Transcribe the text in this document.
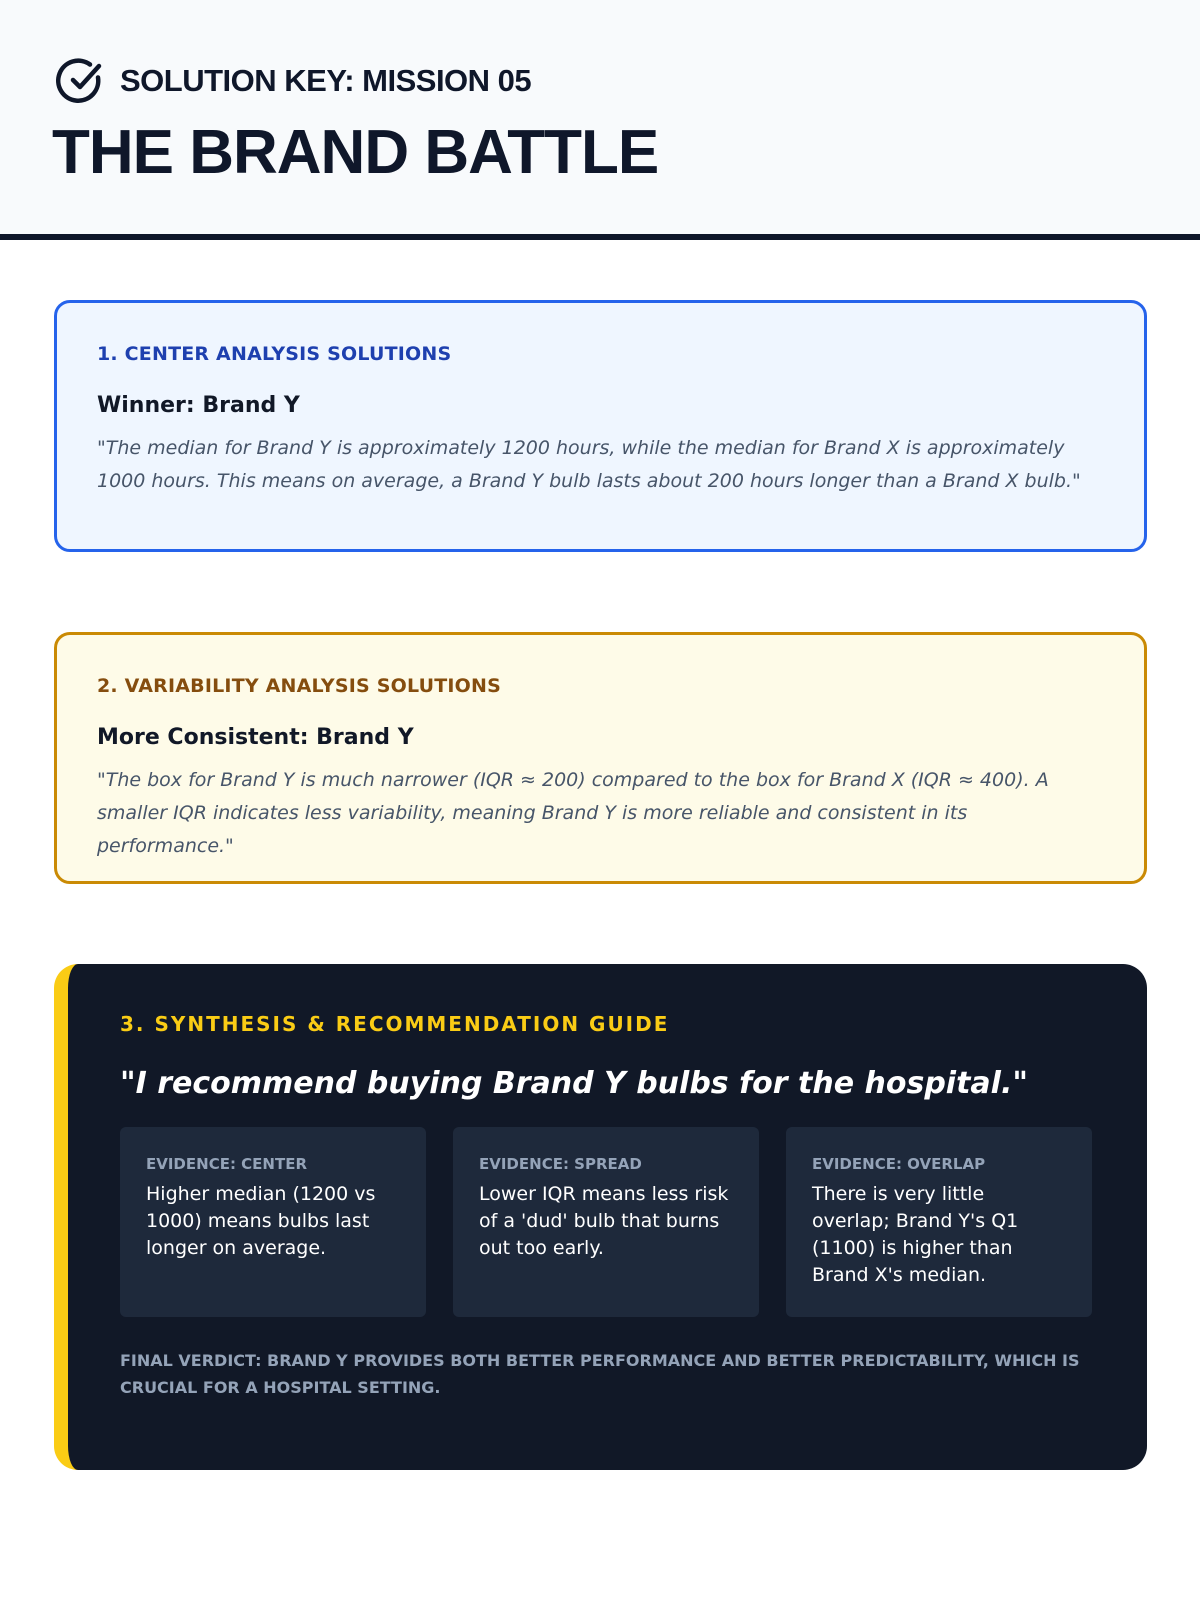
SOLUTION KEY: MISSION 05
THE BRAND BATTLE
1. CENTER ANALYSIS SOLUTIONS
Winner: Brand Y
"The median for Brand Y is approximately 1200 hours, while the median for Brand X is approximately 1000 hours. This means on average, a Brand Y bulb lasts about 200 hours longer than a Brand X bulb."
2. VARIABILITY ANALYSIS SOLUTIONS
More Consistent: Brand Y
"The box for Brand Y is much narrower (IQR ≈ 200) compared to the box for Brand X (IQR ≈ 400). A smaller IQR indicates less variability, meaning Brand Y is more reliable and consistent in its performance."
3. SYNTHESIS & RECOMMENDATION GUIDE
"I recommend buying Brand Y bulbs for the hospital."
EVIDENCE: CENTER
Higher median (1200 vs 1000) means bulbs last longer on average.
EVIDENCE: SPREAD
Lower IQR means less risk of a 'dud' bulb that burns out too early.
EVIDENCE: OVERLAP
There is very little overlap; Brand Y's Q1 (1100) is higher than Brand X's median.
FINAL VERDICT: BRAND Y PROVIDES BOTH BETTER PERFORMANCE AND BETTER PREDICTABILITY, WHICH IS CRUCIAL FOR A HOSPITAL SETTING.
